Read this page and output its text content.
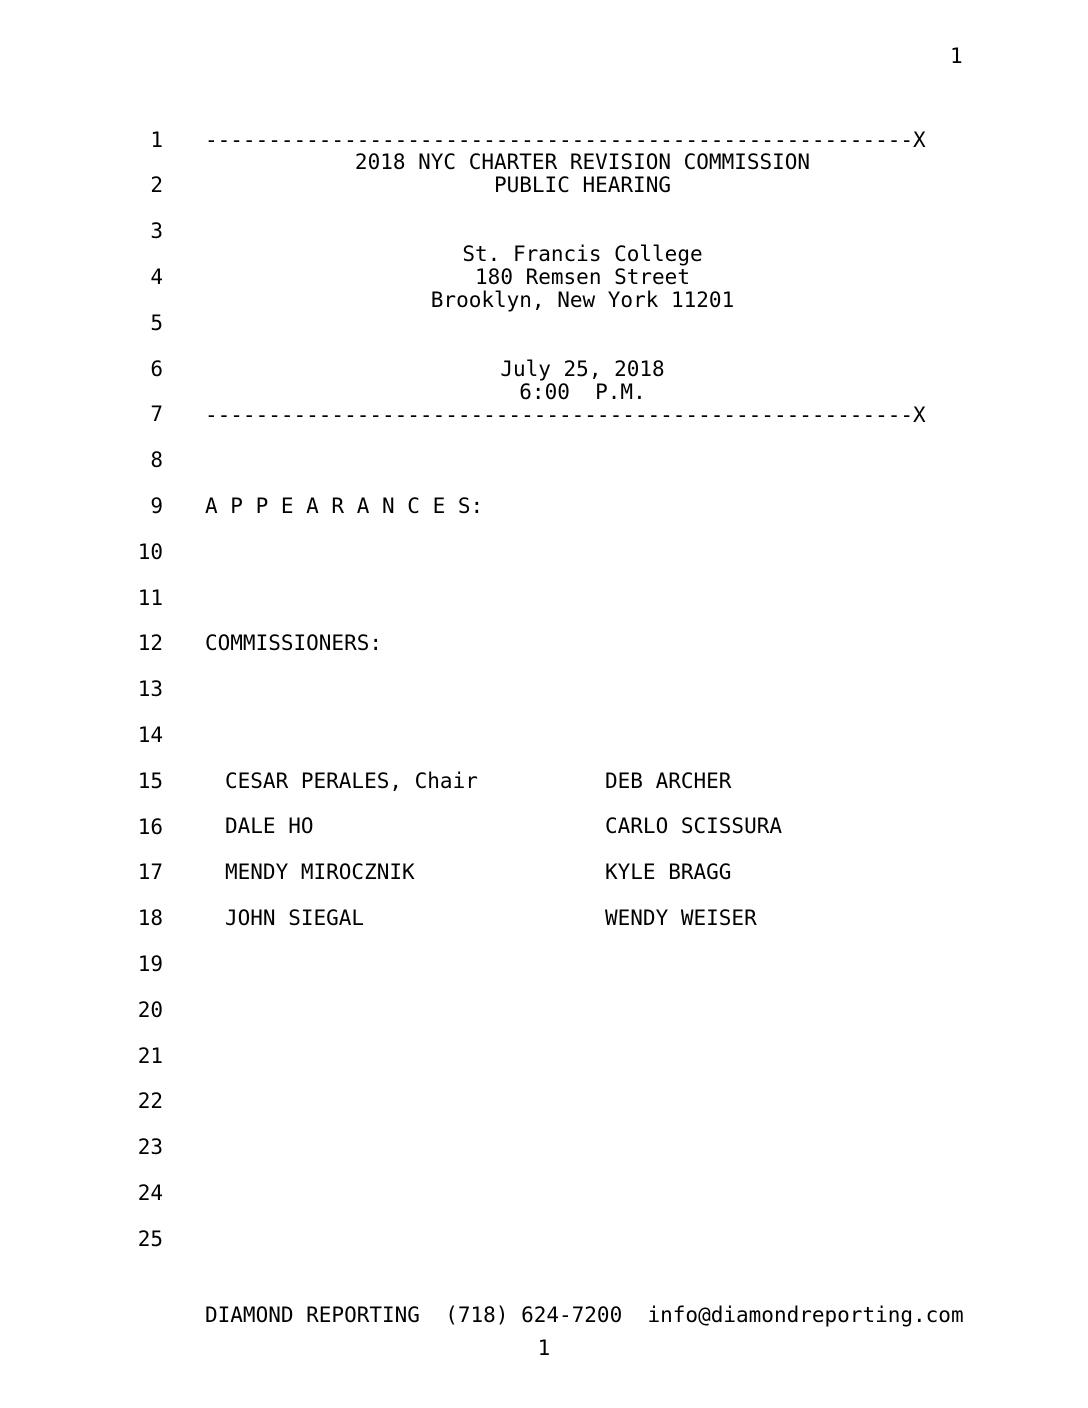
1
1
2
3
4
5
6
7
8
9
10
11
12
13
14
15
16
17
18
19
20
21
22
23
24
25
--------------------------------------------------------X
2018 NYC CHARTER REVISION COMMISSION
PUBLIC HEARING
St. Francis College
180 Remsen Street
Brooklyn, New York 11201
July 25, 2018
6:00  P.M.
--------------------------------------------------------X
A P P E A R A N C E S:
COMMISSIONERS:
CESAR PERALES, Chair	DEB ARCHER
DALE HO	CARLO SCISSURA
MENDY MIROCZNIK	KYLE BRAGG
JOHN SIEGAL	WENDY WEISER
DIAMOND REPORTING  (718) 624-7200  info@diamondreporting.com
1
